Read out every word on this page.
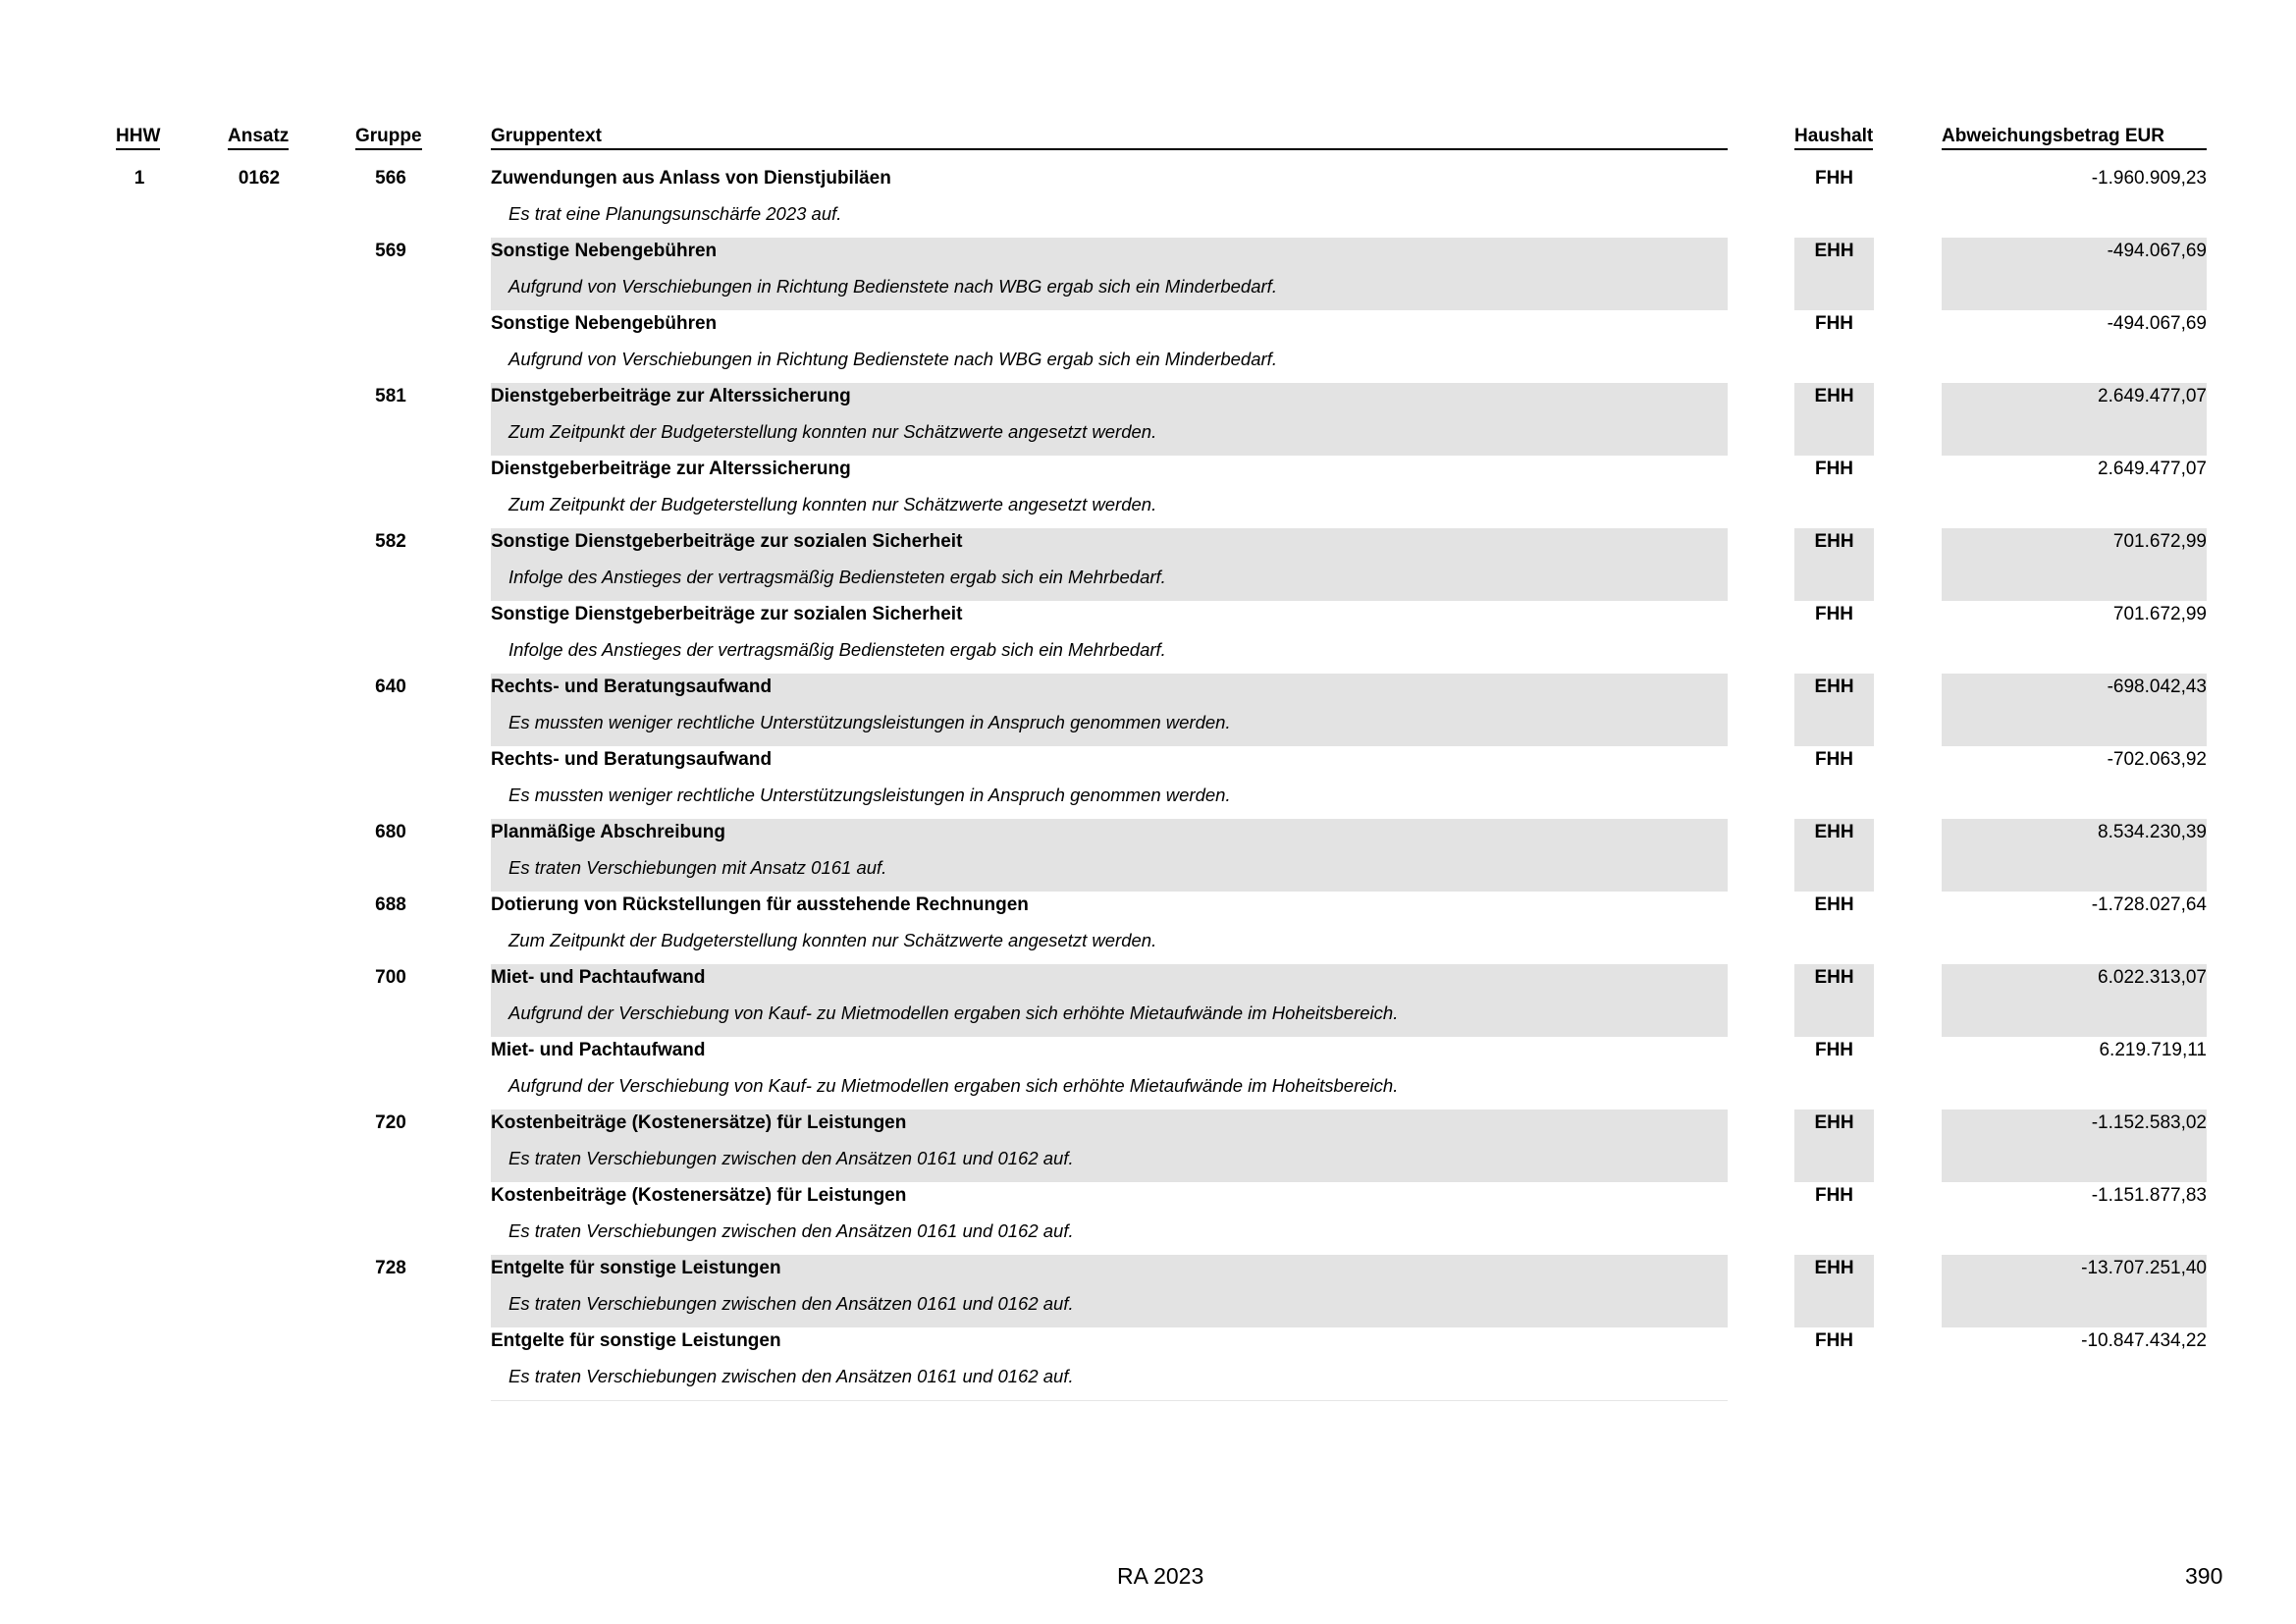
HHW	Ansatz	Gruppe	Gruppentext	Haushalt	Abweichungsbetrag EUR
1	0162	566	Zuwendungen aus Anlass von Dienstjubiläen
Es trat eine Planungsunschärfe 2023 auf.
FHH	-1.960.909,23
569	Sonstige Nebengebühren
Aufgrund von Verschiebungen in Richtung Bedienstete nach WBG ergab sich ein Minderbedarf.
EHH	-494.067,69
Sonstige Nebengebühren
Aufgrund von Verschiebungen in Richtung Bedienstete nach WBG ergab sich ein Minderbedarf.
FHH	-494.067,69
581	Dienstgeberbeiträge zur Alterssicherung
Zum Zeitpunkt der Budgeterstellung konnten nur Schätzwerte angesetzt werden.
EHH	2.649.477,07
Dienstgeberbeiträge zur Alterssicherung
Zum Zeitpunkt der Budgeterstellung konnten nur Schätzwerte angesetzt werden.
FHH	2.649.477,07
582	Sonstige Dienstgeberbeiträge zur sozialen Sicherheit
Infolge des Anstieges der vertragsmäßig Bediensteten ergab sich ein Mehrbedarf.
EHH	701.672,99
Sonstige Dienstgeberbeiträge zur sozialen Sicherheit
Infolge des Anstieges der vertragsmäßig Bediensteten ergab sich ein Mehrbedarf.
FHH	701.672,99
640	Rechts- und Beratungsaufwand
Es mussten weniger rechtliche Unterstützungsleistungen in Anspruch genommen werden.
EHH	-698.042,43
Rechts- und Beratungsaufwand
Es mussten weniger rechtliche Unterstützungsleistungen in Anspruch genommen werden.
FHH	-702.063,92
680	Planmäßige Abschreibung
Es traten Verschiebungen mit Ansatz 0161 auf.
EHH	8.534.230,39
688	Dotierung von Rückstellungen für ausstehende Rechnungen
Zum Zeitpunkt der Budgeterstellung konnten nur Schätzwerte angesetzt werden.
EHH	-1.728.027,64
700	Miet- und Pachtaufwand
Aufgrund der Verschiebung von Kauf- zu Mietmodellen ergaben sich erhöhte Mietaufwände im Hoheitsbereich.
EHH	6.022.313,07
Miet- und Pachtaufwand
Aufgrund der Verschiebung von Kauf- zu Mietmodellen ergaben sich erhöhte Mietaufwände im Hoheitsbereich.
FHH	6.219.719,11
720	Kostenbeiträge (Kostenersätze) für Leistungen
Es traten Verschiebungen zwischen den Ansätzen 0161 und 0162 auf.
EHH	-1.152.583,02
Kostenbeiträge (Kostenersätze) für Leistungen
Es traten Verschiebungen zwischen den Ansätzen 0161 und 0162 auf.
FHH	-1.151.877,83
728	Entgelte für sonstige Leistungen
Es traten Verschiebungen zwischen den Ansätzen 0161 und 0162 auf.
EHH	-13.707.251,40
Entgelte für sonstige Leistungen
Es traten Verschiebungen zwischen den Ansätzen 0161 und 0162 auf.
FHH	-10.847.434,22
RA 2023	390
